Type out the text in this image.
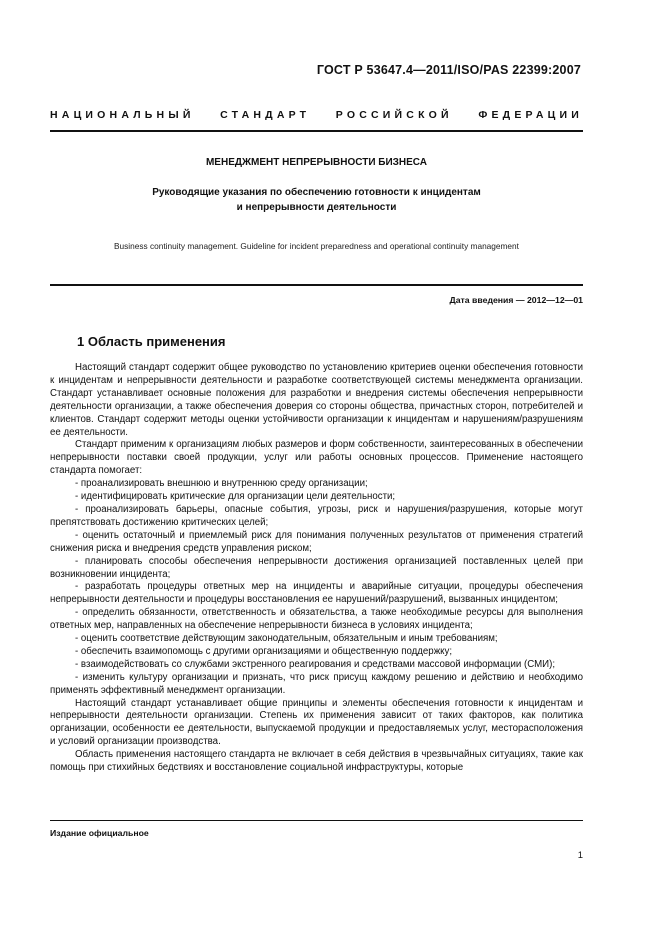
ГОСТ Р 53647.4—2011/ISO/PAS 22399:2007
НАЦИОНАЛЬНЫЙ СТАНДАРТ РОССИЙСКОЙ ФЕДЕРАЦИИ
МЕНЕДЖМЕНТ НЕПРЕРЫВНОСТИ БИЗНЕСА
Руководящие указания по обеспечению готовности к инцидентам
и непрерывности деятельности
Business continuity management. Guideline for incident preparedness and operational continuity management
Дата введения — 2012—12—01
1 Область применения

Настоящий стандарт содержит общее руководство по установлению критериев оценки обеспечения готовности к инцидентам и непрерывности деятельности и разработке соответствующей системы менеджмента организации. Стандарт устанавливает основные положения для разработки и внедрения системы обеспечения непрерывности деятельности организации, а также обеспечения доверия со стороны общества, причастных сторон, потребителей и клиентов. Стандарт содержит методы оценки устойчивости организации к инцидентам и нарушениям/разрушениям ее деятельности.

Стандарт применим к организациям любых размеров и форм собственности, заинтересованных в обеспечении непрерывности поставки своей продукции, услуг или работы основных процессов. Применение настоящего стандарта помогает:

- проанализировать внешнюю и внутреннюю среду организации;

- идентифицировать критические для организации цели деятельности;

- проанализировать барьеры, опасные события, угрозы, риск и нарушения/разрушения, которые могут препятствовать достижению критических целей;

- оценить остаточный и приемлемый риск для понимания полученных результатов от применения стратегий снижения риска и внедрения средств управления риском;

- планировать способы обеспечения непрерывности достижения организацией поставленных целей при возникновении инцидента;

- разработать процедуры ответных мер на инциденты и аварийные ситуации, процедуры обеспечения непрерывности деятельности и процедуры восстановления ее нарушений/разрушений, вызванных инцидентом;

- определить обязанности, ответственность и обязательства, а также необходимые ресурсы для выполнения ответных мер, направленных на обеспечение непрерывности бизнеса в условиях инцидента;

- оценить соответствие действующим законодательным, обязательным и иным требованиям;

- обеспечить взаимопомощь с другими организациями и общественную поддержку;

- взаимодействовать со службами экстренного реагирования и средствами массовой информации (СМИ);

- изменить культуру организации и признать, что риск присущ каждому решению и действию и необходимо применять эффективный менеджмент организации.

Настоящий стандарт устанавливает общие принципы и элементы обеспечения готовности к инцидентам и непрерывности деятельности организации. Степень их применения зависит от таких факторов, как политика организации, особенности ее деятельности, выпускаемой продукции и предоставляемых услуг, месторасположения и условий организации производства.

Область применения настоящего стандарта не включает в себя действия в чрезвычайных ситуациях, такие как помощь при стихийных бедствиях и восстановление социальной инфраструктуры, которые

Издание официальное
1
